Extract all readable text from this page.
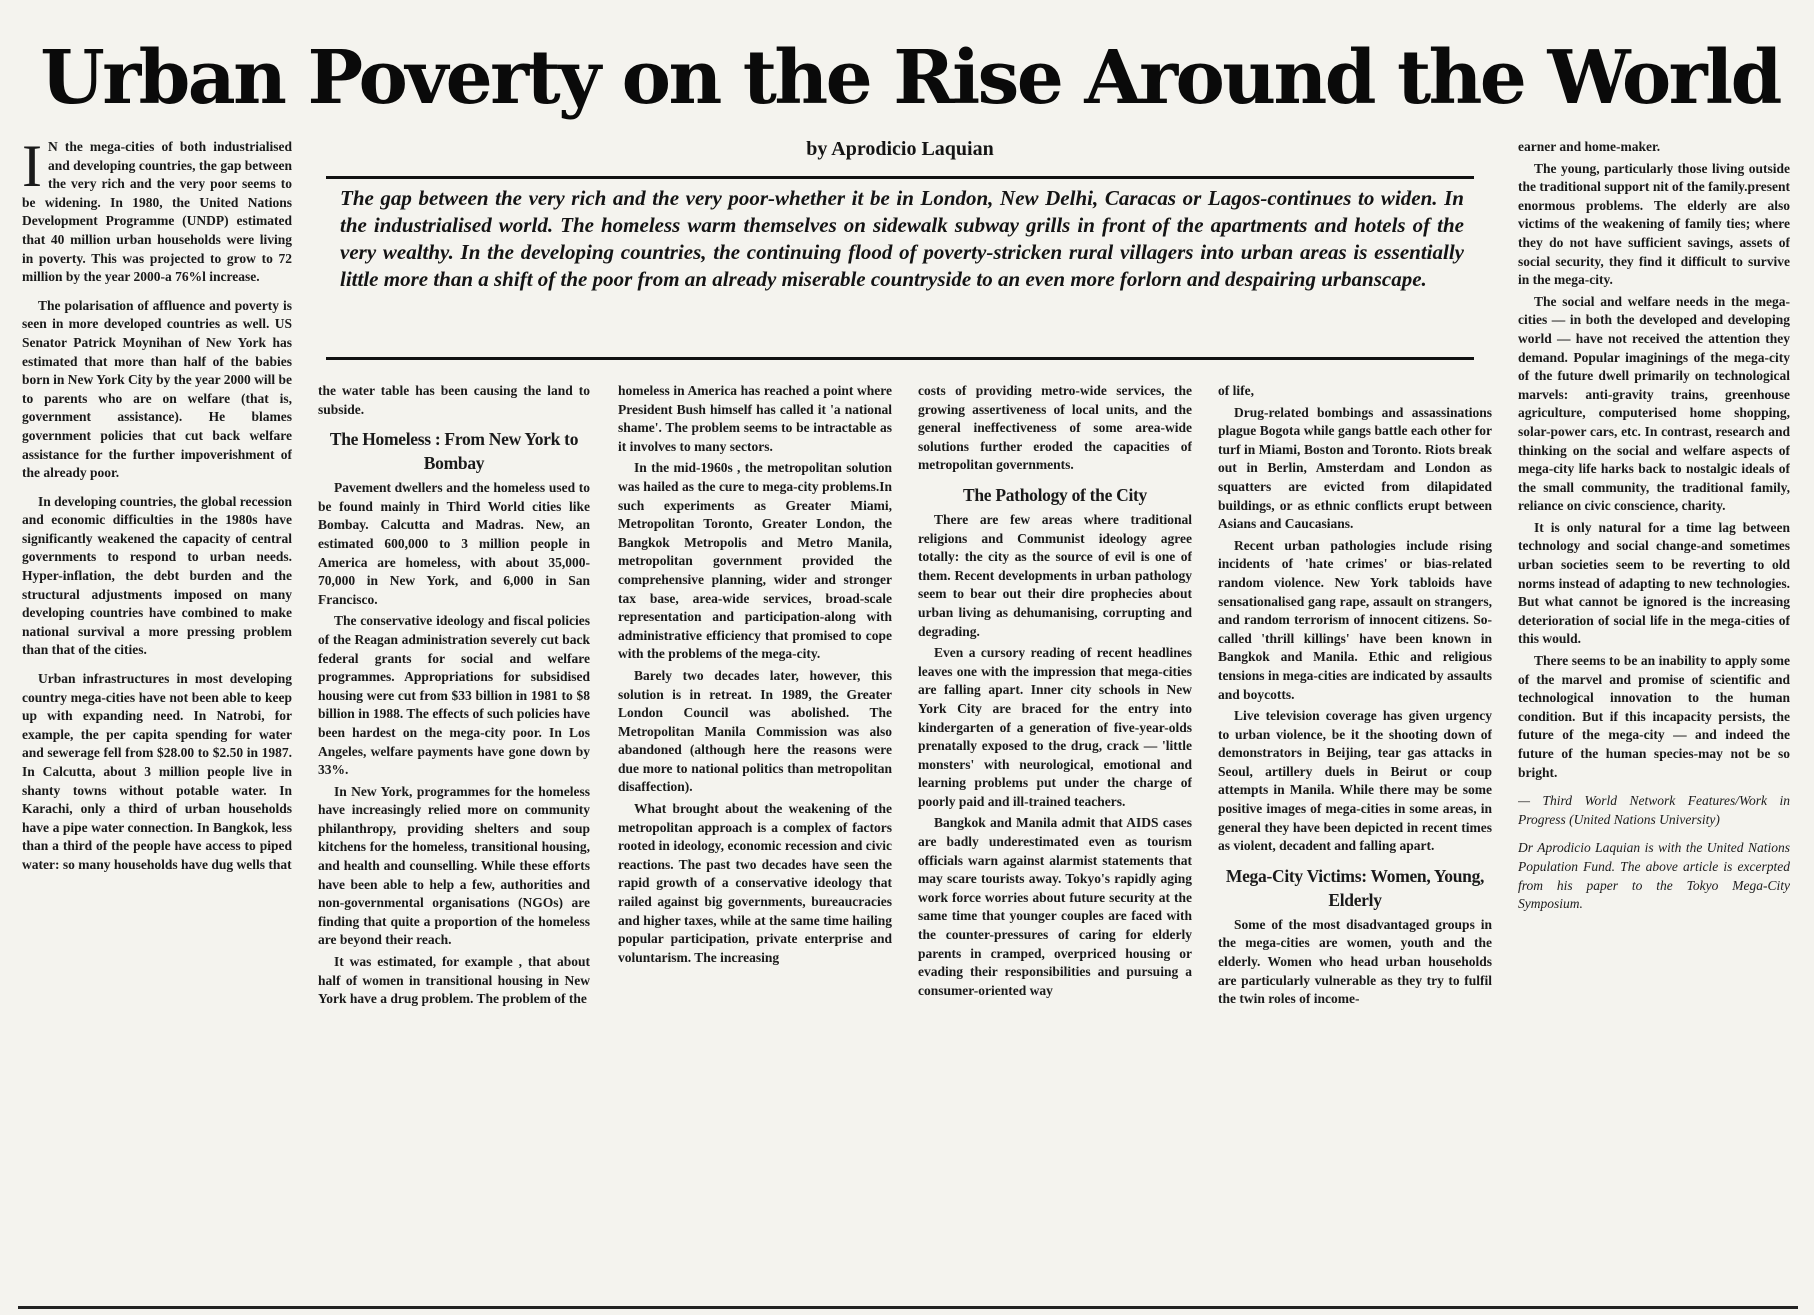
Urban Poverty on the Rise Around the World
by Aprodicio Laquian
The gap between the very rich and the very poor-whether it be in London, New Delhi, Caracas or Lagos-continues to widen. In the industrialised world. The homeless warm themselves on sidewalk subway grills in front of the apartments and hotels of the very wealthy. In the developing countries, the continuing flood of poverty-stricken rural villagers into urban areas is essentially little more than a shift of the poor from an already miserable countryside to an even more forlorn and despairing urbanscape.

I N the mega-cities of both industrialised and developing countries, the gap between the very rich and the very poor seems to be widening. In 1980, the United Nations Development Programme (UNDP) estimated that 40 million urban households were living in poverty. This was projected to grow to 72 million by the year 2000-a 76%l increase.

The polarisation of affluence and poverty is seen in more developed countries as well. US Senator Patrick Moynihan of New York has estimated that more than half of the babies born in New York City by the year 2000 will be to parents who are on welfare (that is, government assistance). He blames government policies that cut back welfare assistance for the further impoverishment of the already poor.

In developing countries, the global recession and economic difficulties in the 1980s have significantly weakened the capacity of central governments to respond to urban needs. Hyper-inflation, the debt burden and the structural adjustments imposed on many developing countries have combined to make national survival a more pressing problem than that of the cities.

Urban infrastructures in most developing country mega-cities have not been able to keep up with expanding need. In Natrobi, for example, the per capita spending for water and sewerage fell from $28.00 to $2.50 in 1987. In Calcutta, about 3 million people live in shanty towns without potable water. In Karachi, only a third of urban households have a pipe water connection. In Bangkok, less than a third of the people have access to piped water: so many households have dug wells that

the water table has been causing the land to subside.

The Homeless : From New York to Bombay

Pavement dwellers and the homeless used to be found mainly in Third World cities like Bombay. Calcutta and Madras. New, an estimated 600,000 to 3 million people in America are homeless, with about 35,000-70,000 in New York, and 6,000 in San Francisco.

The conservative ideology and fiscal policies of the Reagan administration severely cut back federal grants for social and welfare programmes. Appropriations for subsidised housing were cut from $33 billion in 1981 to $8 billion in 1988. The effects of such policies have been hardest on the mega-city poor. In Los Angeles, welfare payments have gone down by 33%.

In New York, programmes for the homeless have increasingly relied more on community philanthropy, providing shelters and soup kitchens for the homeless, transitional housing, and health and counselling. While these efforts have been able to help a few, authorities and non-governmental organisations (NGOs) are finding that quite a proportion of the homeless are beyond their reach.

It was estimated, for example , that about half of women in transitional housing in New York have a drug problem. The problem of the

homeless in America has reached a point where President Bush himself has called it 'a national shame'. The problem seems to be intractable as it involves to many sectors.

In the mid-1960s , the metropolitan solution was hailed as the cure to mega-city problems.In such experiments as Greater Miami, Metropolitan Toronto, Greater London, the Bangkok Metropolis and Metro Manila, metropolitan government provided the comprehensive planning, wider and stronger tax base, area-wide services, broad-scale representation and participation-along with administrative efficiency that promised to cope with the problems of the mega-city.

Barely two decades later, however, this solution is in retreat. In 1989, the Greater London Council was abolished. The Metropolitan Manila Commission was also abandoned (although here the reasons were due more to national politics than metropolitan disaffection).

What brought about the weakening of the metropolitan approach is a complex of factors rooted in ideology, economic recession and civic reactions. The past two decades have seen the rapid growth of a conservative ideology that railed against big governments, bureaucracies and higher taxes, while at the same time hailing popular participation, private enterprise and voluntarism. The increasing

costs of providing metro-wide services, the growing assertiveness of local units, and the general ineffectiveness of some area-wide solutions further eroded the capacities of metropolitan governments.

The Pathology of the City

There are few areas where traditional religions and Communist ideology agree totally: the city as the source of evil is one of them. Recent developments in urban pathology seem to bear out their dire prophecies about urban living as dehumanising, corrupting and degrading.

Even a cursory reading of recent headlines leaves one with the impression that mega-cities are falling apart. Inner city schools in New York City are braced for the entry into kindergarten of a generation of five-year-olds prenatally exposed to the drug, crack — 'little monsters' with neurological, emotional and learning problems put under the charge of poorly paid and ill-trained teachers.

Bangkok and Manila admit that AIDS cases are badly underestimated even as tourism officials warn against alarmist statements that may scare tourists away. Tokyo's rapidly aging work force worries about future security at the same time that younger couples are faced with the counter-pressures of caring for elderly parents in cramped, overpriced housing or evading their responsibilities and pursuing a consumer-oriented way

of life,

Drug-related bombings and assassinations plague Bogota while gangs battle each other for turf in Miami, Boston and Toronto. Riots break out in Berlin, Amsterdam and London as squatters are evicted from dilapidated buildings, or as ethnic conflicts erupt between Asians and Caucasians.

Recent urban pathologies include rising incidents of 'hate crimes' or bias-related random violence. New York tabloids have sensationalised gang rape, assault on strangers, and random terrorism of innocent citizens. So-called 'thrill killings' have been known in Bangkok and Manila. Ethic and religious tensions in mega-cities are indicated by assaults and boycotts.

Live television coverage has given urgency to urban violence, be it the shooting down of demonstrators in Beijing, tear gas attacks in Seoul, artillery duels in Beirut or coup attempts in Manila. While there may be some positive images of mega-cities in some areas, in general they have been depicted in recent times as violent, decadent and falling apart.

Mega-City Victims: Women, Young, Elderly

Some of the most disadvantaged groups in the mega-cities are women, youth and the elderly. Women who head urban households are particularly vulnerable as they try to fulfil the twin roles of income-

earner and home-maker.

The young, particularly those living outside the traditional support nit of the family.present enormous problems. The elderly are also victims of the weakening of family ties; where they do not have sufficient savings, assets of social security, they find it difficult to survive in the mega-city.

The social and welfare needs in the mega-cities — in both the developed and developing world — have not received the attention they demand. Popular imaginings of the mega-city of the future dwell primarily on technological marvels: anti-gravity trains, greenhouse agriculture, computerised home shopping, solar-power cars, etc. In contrast, research and thinking on the social and welfare aspects of mega-city life harks back to nostalgic ideals of the small community, the traditional family, reliance on civic conscience, charity.

It is only natural for a time lag between technology and social change-and sometimes urban societies seem to be reverting to old norms instead of adapting to new technologies. But what cannot be ignored is the increasing deterioration of social life in the mega-cities of this would.

There seems to be an inability to apply some of the marvel and promise of scientific and technological innovation to the human condition. But if this incapacity persists, the future of the mega-city — and indeed the future of the human species-may not be so bright.

— Third World Network Features/Work in Progress (United Nations University)

Dr Aprodicio Laquian is with the United Nations Population Fund. The above article is excerpted from his paper to the Tokyo Mega-City Symposium.
